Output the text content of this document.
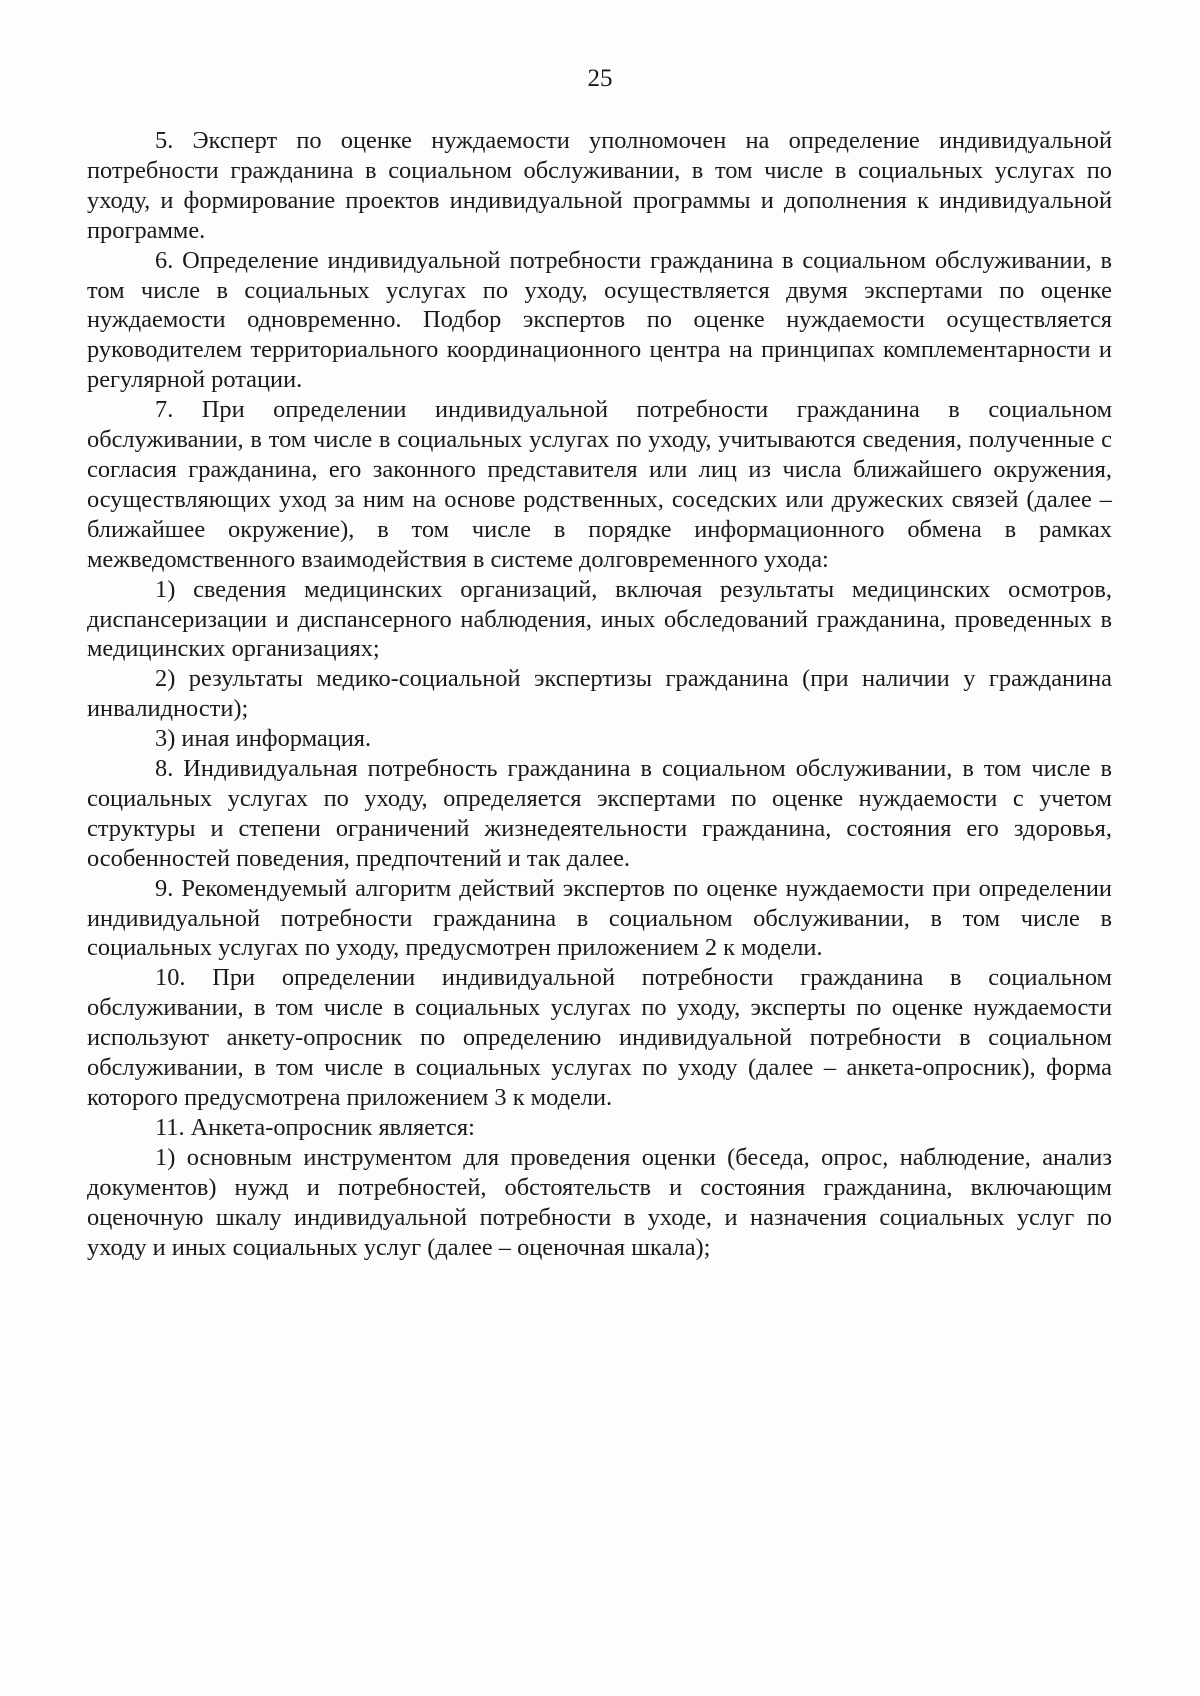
25

5. Эксперт по оценке нуждаемости уполномочен на определение индивидуальной потребности гражданина в социальном обслуживании, в том числе в социальных услугах по уходу, и формирование проектов индивидуальной программы и дополнения к индивидуальной программе.

6. Определение индивидуальной потребности гражданина в социальном обслуживании, в том числе в социальных услугах по уходу, осуществляется двумя экспертами по оценке нуждаемости одновременно. Подбор экспертов по оценке нуждаемости осуществляется руководителем территориального координационного центра на принципах комплементарности и регулярной ротации.

7. При определении индивидуальной потребности гражданина в социальном обслуживании, в том числе в социальных услугах по уходу, учитываются сведения, полученные с согласия гражданина, его законного представителя или лиц из числа ближайшего окружения, осуществляющих уход за ним на основе родственных, соседских или дружеских связей (далее – ближайшее окружение), в том числе в порядке информационного обмена в рамках межведомственного взаимодействия в системе долговременного ухода:

1) сведения медицинских организаций, включая результаты медицинских осмотров, диспансеризации и диспансерного наблюдения, иных обследований гражданина, проведенных в медицинских организациях;

2) результаты медико-социальной экспертизы гражданина (при наличии у гражданина инвалидности);

3) иная информация.

8. Индивидуальная потребность гражданина в социальном обслуживании, в том числе в социальных услугах по уходу, определяется экспертами по оценке нуждаемости с учетом структуры и степени ограничений жизнедеятельности гражданина, состояния его здоровья, особенностей поведения, предпочтений и так далее.

9. Рекомендуемый алгоритм действий экспертов по оценке нуждаемости при определении индивидуальной потребности гражданина в социальном обслуживании, в том числе в социальных услугах по уходу, предусмотрен приложением 2 к модели.

10. При определении индивидуальной потребности гражданина в социальном обслуживании, в том числе в социальных услугах по уходу, эксперты по оценке нуждаемости используют анкету-опросник по определению индивидуальной потребности в социальном обслуживании, в том числе в социальных услугах по уходу (далее – анкета-опросник), форма которого предусмотрена приложением 3 к модели.

11. Анкета-опросник является:

1) основным инструментом для проведения оценки (беседа, опрос, наблюдение, анализ документов) нужд и потребностей, обстоятельств и состояния гражданина, включающим оценочную шкалу индивидуальной потребности в уходе, и назначения социальных услуг по уходу и иных социальных услуг (далее – оценочная шкала);
